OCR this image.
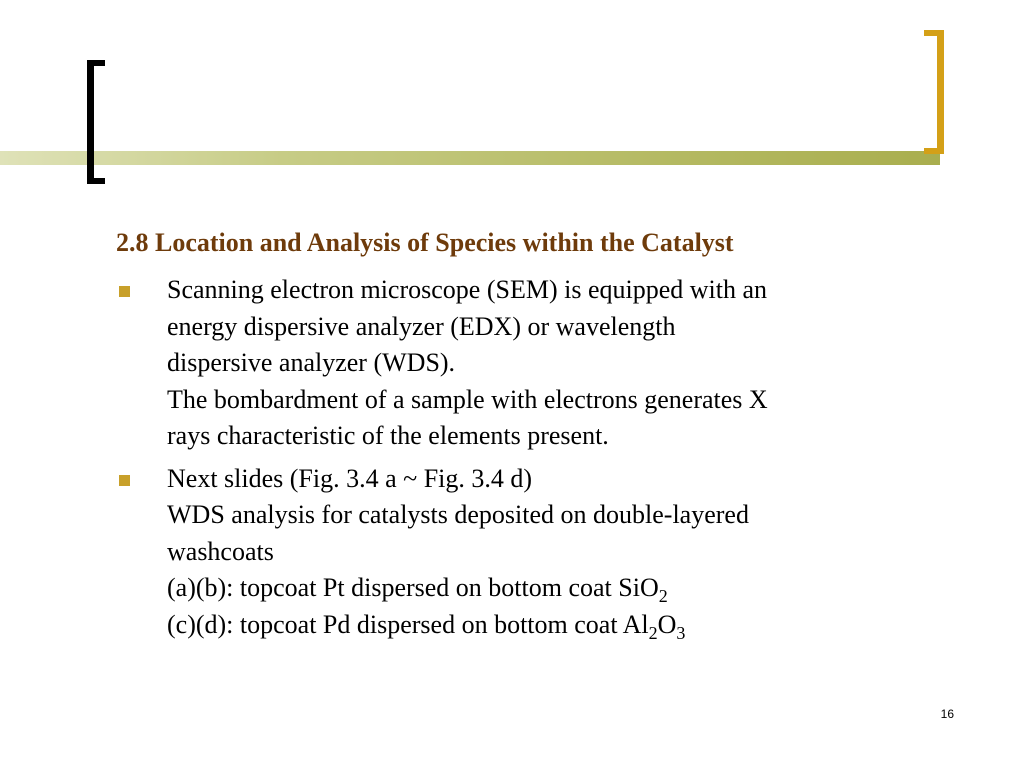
2.8 Location and Analysis of Species within the Catalyst
Scanning electron microscope (SEM) is equipped with an
energy dispersive analyzer (EDX) or wavelength
dispersive analyzer (WDS).
The bombardment of a sample with electrons generates X
rays characteristic of the elements present.
Next slides (Fig. 3.4 a ~ Fig. 3.4 d)
WDS analysis for catalysts deposited on double-layered
washcoats
(a)(b): topcoat Pt dispersed on bottom coat SiO$_2$
(c)(d): topcoat Pd dispersed on bottom coat $Al_2O_3$
16
